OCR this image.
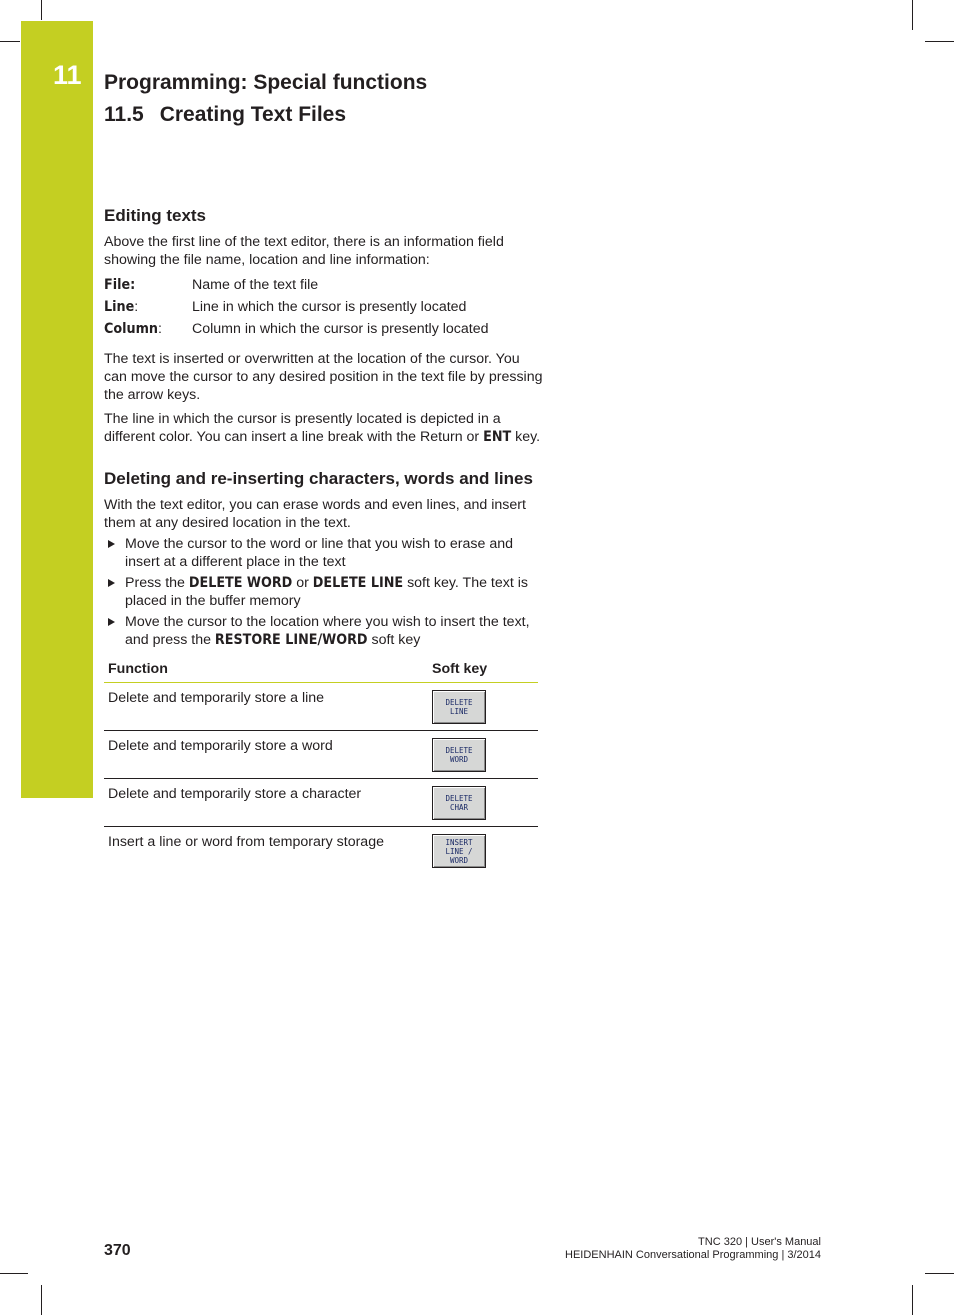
11 Programming: Special functions
11.5 Creating Text Files
Editing texts

Above the first line of the text editor, there is an information field showing the file name, location and line information:

File:	Name of the text file
Line:	Line in which the cursor is presently located
Column:	Column in which the cursor is presently located

The text is inserted or overwritten at the location of the cursor. You can move the cursor to any desired position in the text file by pressing the arrow keys.

The line in which the cursor is presently located is depicted in a different color. You can insert a line break with the Return or ENT key.

Deleting and re-inserting characters, words and lines

With the text editor, you can erase words and even lines, and insert them at any desired location in the text.

Move the cursor to the word or line that you wish to erase and insert at a different place in the text
Press the DELETE WORD or DELETE LINE soft key. The text is placed in the buffer memory
Move the cursor to the location where you wish to insert the text, and press the RESTORE LINE/WORD soft key
Function	Soft key
Delete and temporarily store a line	DELETE
LINE

Delete and temporarily store a word	DELETE
WORD

Delete and temporarily store a character	DELETE
CHAR

Insert a line or word from temporary storage	INSERT
LINE /
WORD
370	TNC 320 | User's Manual
HEIDENHAIN Conversational Programming | 3/2014
